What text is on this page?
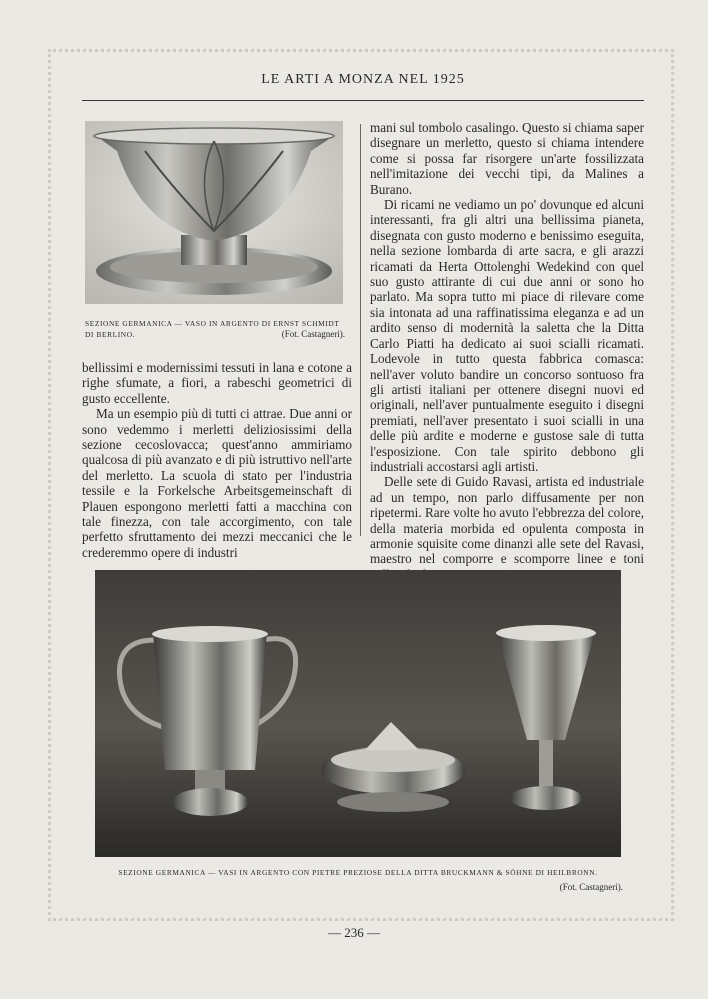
LE ARTI A MONZA NEL 1925
SEZIONE GERMANICA — VASO IN ARGENTO DI ERNST SCHMIDT DI BERLINO.	(Fot. Castagneri).

bellissimi e modernissimi tessuti in lana e cotone a righe sfumate, a fiori, a rabeschi geometrici di gusto eccellente.

Ma un esempio più di tutti ci attrae. Due anni or sono vedemmo i merletti deliziosissimi della sezione cecoslovacca; quest'anno ammiriamo qualcosa di più avanzato e di più istruttivo nell'arte del merletto. La scuola di stato per l'industria tessile e la Forkelsche Arbeitsgemeinschaft di Plauen espongono merletti fatti a macchina con tale finezza, con tale accorgimento, con tale perfetto sfruttamento dei mezzi meccanici che le crederemmo opere di industri

mani sul tombolo casalingo. Questo si chiama saper disegnare un merletto, questo si chiama intendere come si possa far risorgere un'arte fossilizzata nell'imitazione dei vecchi tipi, da Malines a Burano.

Di ricami ne vediamo un po' dovunque ed alcuni interessanti, fra gli altri una bellissima pianeta, disegnata con gusto moderno e benissimo eseguita, nella sezione lombarda di arte sacra, e gli arazzi ricamati da Herta Ottolenghi Wedekind con quel suo gusto attirante di cui due anni or sono ho parlato. Ma sopra tutto mi piace di rilevare come sia intonata ad una raffinatissima eleganza e ad un ardito senso di modernità la saletta che la Ditta Carlo Piatti ha dedicato ai suoi scialli ricamati. Lodevole in tutto questa fabbrica comasca: nell'aver voluto bandire un concorso sontuoso fra gli artisti italiani per ottenere disegni nuovi ed originali, nell'aver puntualmente eseguito i disegni premiati, nell'aver presentato i suoi scialli in una delle più ardite e moderne e gustose sale di tutta l'esposizione. Con tale spirito debbono gli industriali accostarsi agli artisti.

Delle sete di Guido Ravasi, artista ed industriale ad un tempo, non parlo diffusamente per non ripetermi. Rare volte ho avuto l'ebbrezza del colore, della materia morbida ed opulenta composta in armonie squisite come dinanzi alle sete del Ravasi, maestro nel comporre e scomporre linee e toni

SEZIONE GERMANICA — VASI IN ARGENTO CON PIETRE PREZIOSE DELLA DITTA BRUCKMANN & SÖHNE DI HEILBRONN.
(Fot. Castagneri).
— 236 —
